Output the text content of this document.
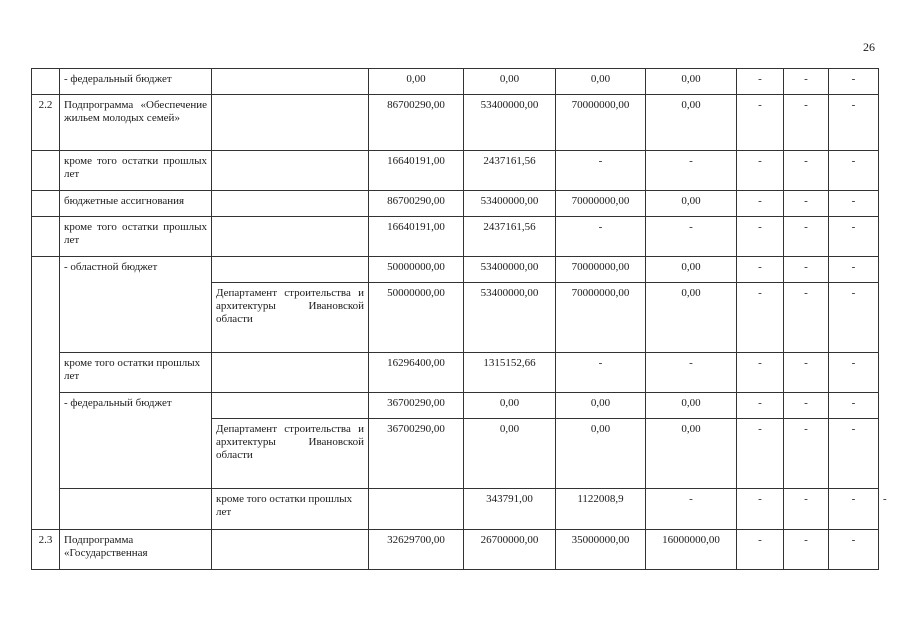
26
	- федеральный бюджет		0,00	0,00	0,00	0,00	-	-	-	
2.2	Подпрограмма «Обеспечение жильем молодых семей»		86700290,00	53400000,00	70000000,00	0,00	-	-	-	
	кроме того остатки прошлых лет		16640191,00	2437161,56	-	-	-	-	-	
	бюджетные ассигнования		86700290,00	53400000,00	70000000,00	0,00	-	-	-	
	кроме того остатки прошлых лет		16640191,00	2437161,56	-	-	-	-	-	
	- областной бюджет		50000000,00	53400000,00	70000000,00	0,00	-	-	-	
		Департамент строительства и архитектуры Ивановской области	50000000,00	53400000,00	70000000,00	0,00	-	-	-	
	кроме того остатки прошлых лет		16296400,00	1315152,66	-	-	-	-	-	
	- федеральный бюджет		36700290,00	0,00	0,00	0,00	-	-	-	
		Департамент строительства и архитектуры Ивановской области	36700290,00	0,00	0,00	0,00	-	-	-	
		кроме того остатки прошлых лет		343791,00	1122008,9	-	-	-	-	-
2.3	Подпрограмма «Государственная		32629700,00	26700000,00	35000000,00	16000000,00	-	-	-	
